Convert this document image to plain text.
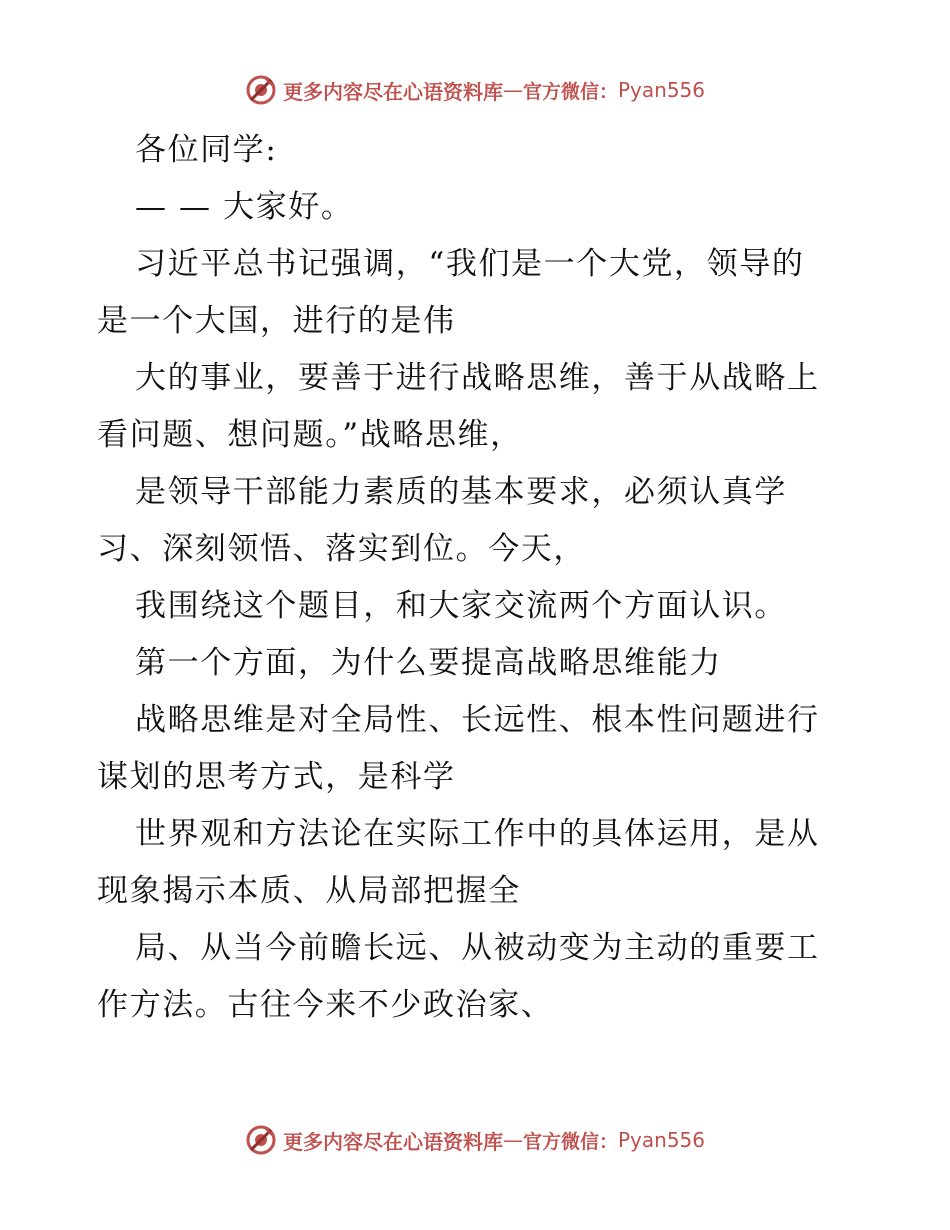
更多内容尽在心语资料库 — 官方微信： Pyan556
各位同学:
— — 大家好。
习近平总书记强调，“我们是一个大党，领导的
是一个大国，进行的是伟
大的事业，要善于进行战略思维，善于从战略上
看问题、想问题。”战略思维，
是领导干部能力素质的基本要求，必须认真学
习、深刻领悟、落实到位。今天，
我围绕这个题目，和大家交流两个方面认识。
第一个方面，为什么要提高战略思维能力
战略思维是对全局性、长远性、根本性问题进行
谋划的思考方式，是科学
世界观和方法论在实际工作中的具体运用，是从
现象揭示本质、从局部把握全
局、从当今前瞻长远、从被动变为主动的重要工
作方法。古往今来不少政治家、
更多内容尽在心语资料库 — 官方微信： Pyan556
